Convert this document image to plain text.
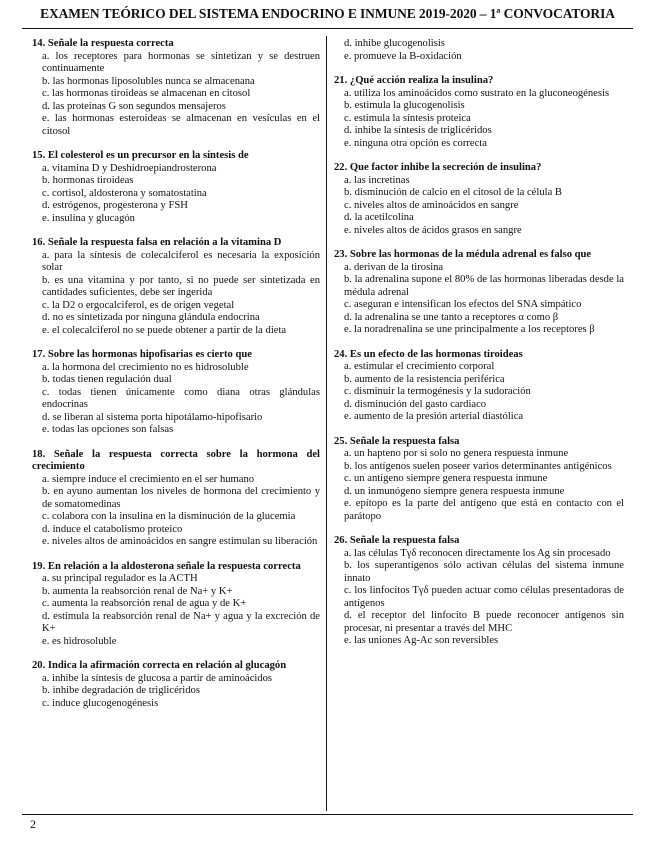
EXAMEN TEÓRICO DEL SISTEMA ENDOCRINO E INMUNE 2019-2020 – 1ª CONVOCATORIA
14. Señale la respuesta correcta
a. los receptores para hormonas se sintetizan y se destruen continuamente
b. las hormonas liposolubles nunca se almacenana
c. las hormonas tiroideas se almacenan en citosol
d. las proteínas G son segundos mensajeros
e. las hormonas esteroideas se almacenan en vesículas en el citosol
15. El colesterol es un precursor en la síntesis de
a. vitamina D y Deshidroepiandrosterona
b. hormonas tiroideas
c. cortisol, aldosterona y somatostatina
d. estrógenos, progesterona y FSH
e. insulina y glucagón
16. Señale la respuesta falsa en relación a la vitamina D
a. para la síntesis de colecalciferol es necesaria la exposición solar
b. es una vitamina y por tanto, si no puede ser sintetizada en cantidades suficientes, debe ser ingerida
c. la D2 o ergocalciferol, es de origen vegetal
d. no es sintetizada por ninguna glándula endocrina
e. el colecalciferol no se puede obtener a partir de la dieta
17. Sobre las hormonas hipofisarias es cierto que
a. la hormona del crecimiento no es hidrosoluble
b. todas tienen regulación dual
c. todas tienen únicamente como diana otras glándulas endocrinas
d. se liberan al sistema porta hipotálamo-hipofisario
e. todas las opciones son falsas
18. Señale la respuesta correcta sobre la hormona del crecimiento
a. siempre induce el crecimiento en el ser humano
b. en ayuno aumentan los niveles de hormona del crecimiento y de somatomedinas
c. colabora con la insulina en la disminución de la glucemia
d. induce el catabolismo proteico
e. niveles altos de aminoácidos en sangre estimulan su liberación
19. En relación a la aldosterona señale la respuesta correcta
a. su principal regulador es la ACTH
b. aumenta la reabsorción renal de Na+ y K+
c. aumenta la reabsorción renal de agua y de K+
d. estimula la reabsorción renal de Na+ y agua y la excreción de K+
e. es hidrosoluble
20. Indica la afirmación correcta en relación al glucagón
a. inhibe la síntesis de glucosa a partir de aminoácidos
b. inhibe degradación de triglicéridos
c. induce glucogenogénesis
d. inhibe glucogenolisis
e. promueve la B-oxidación
21. ¿Qué acción realiza la insulina?
a. utiliza los aminoácidos como sustrato en la gluconeogénesis
b. estimula la glucogenolisis
c. estimula la síntesis proteica
d. inhibe la síntesis de triglicéridos
e. ninguna otra opción es correcta
22. Que factor inhibe la secreción de insulina?
a. las incretinas
b. disminución de calcio en el citosol de la célula B
c. niveles altos de aminoácidos en sangre
d. la acetilcolina
e. niveles altos de ácidos grasos en sangre
23. Sobre las hormonas de la médula adrenal es falso que
a. derivan de la tirosina
b. la adrenalina supone el 80% de las hormonas liberadas desde la médula adrenal
c. aseguran e intensifican los efectos del SNA simpático
d. la adrenalina se une tanto a receptores α como β
e. la noradrenalina se une principalmente a los receptores β
24. Es un efecto de las hormonas tiroideas
a. estimular el crecimiento corporal
b. aumento de la resistencia periférica
c. disminuir la termogénesis y la sudoración
d. disminución del gasto cardiaco
e. aumento de la presión arterial diastólica
25. Señale la respuesta falsa
a. un hapteno por si solo no genera respuesta inmune
b. los antígenos suelen poseer varios determinantes antigénicos
c. un antígeno siempre genera respuesta inmune
d. un inmunógeno siempre genera respuesta inmune
e. epítopo es la parte del antígeno que está en contacto con el parátopo
26. Señale la respuesta falsa
a. las células Tγδ reconocen directamente los Ag sin procesado
b. los superantígenos sólo activan células del sistema inmune innato
c. los linfocitos Tγδ pueden actuar como células presentadoras de antígenos
d. el receptor del linfocito B puede reconocer antígenos sin procesar, ni presentar a través del MHC
e. las uniones Ag-Ac son reversibles
2
